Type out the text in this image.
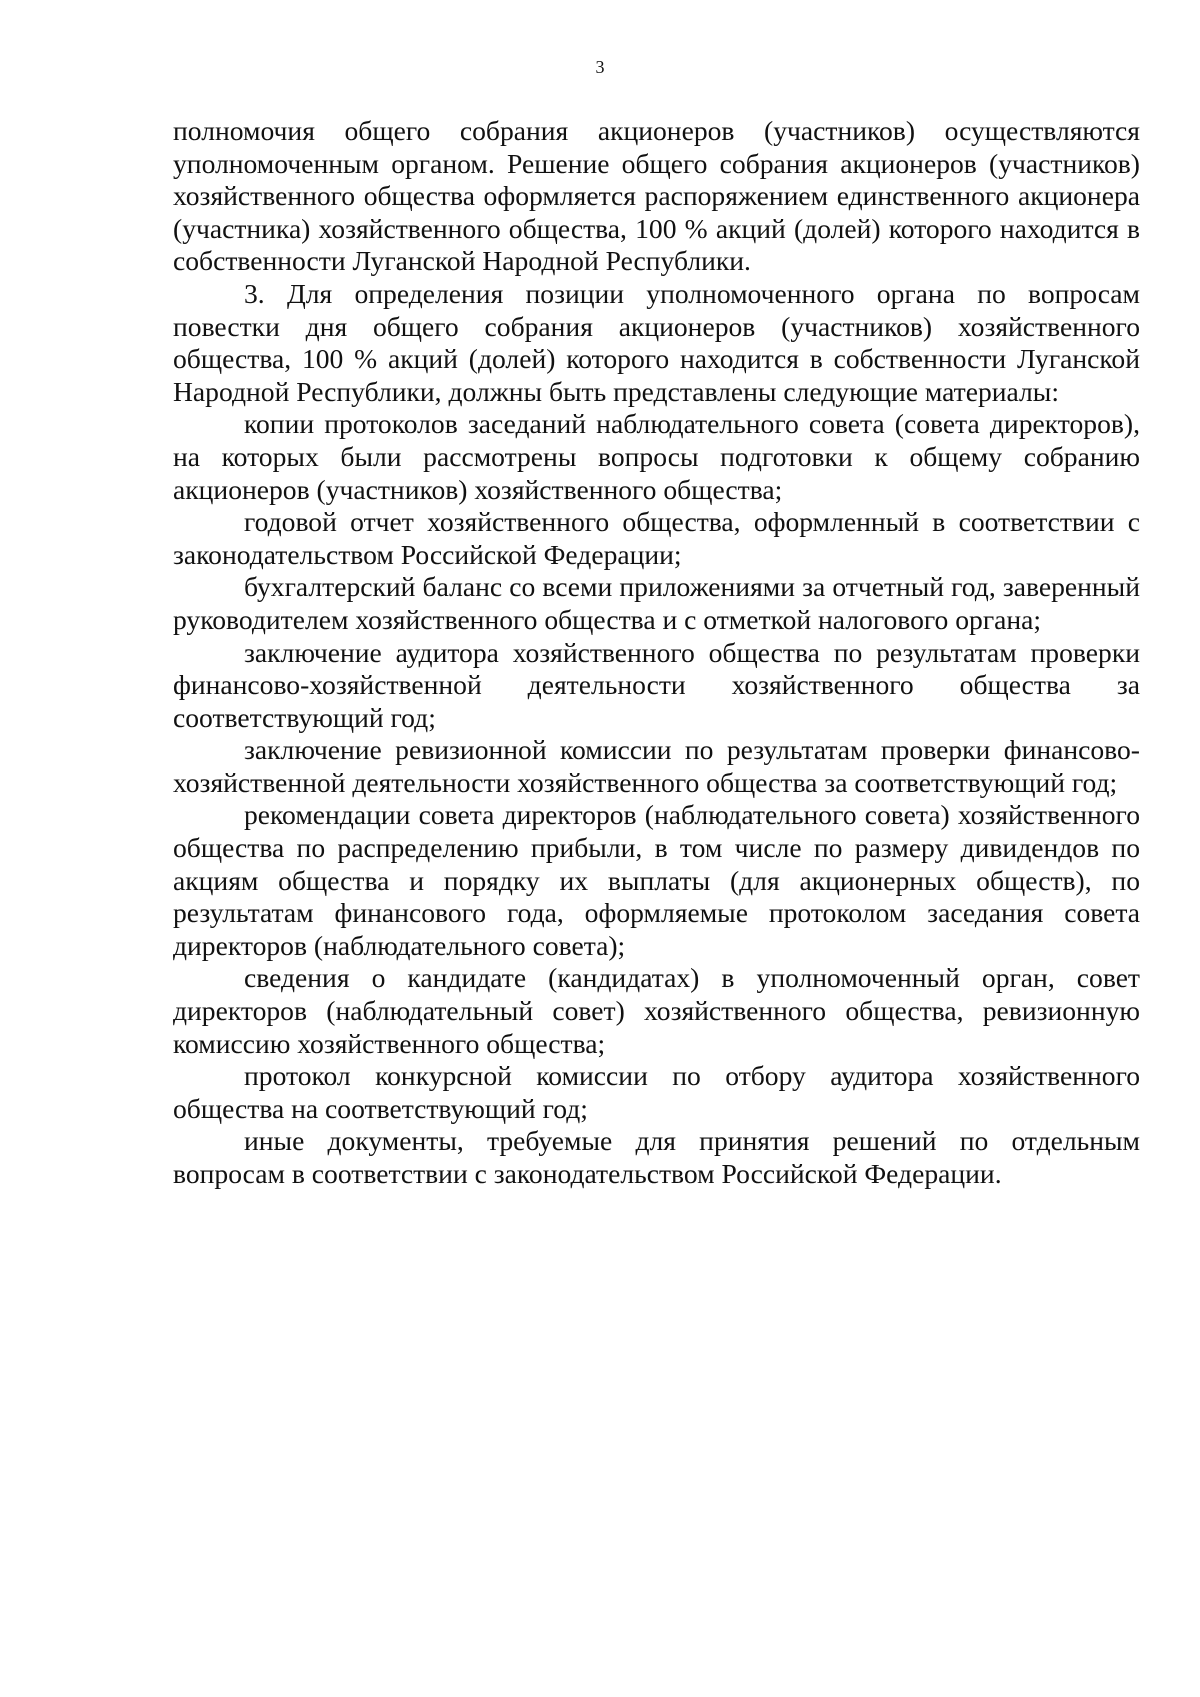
3

полномочия общего собрания акционеров (участников) осуществляются уполномоченным органом. Решение общего собрания акционеров (участников) хозяйственного общества оформляется распоряжением единственного акционера (участника) хозяйственного общества, 100 % акций (долей) которого находится в собственности Луганской Народной Республики.

3. Для определения позиции уполномоченного органа по вопросам повестки дня общего собрания акционеров (участников) хозяйственного общества, 100 % акций (долей) которого находится в собственности Луганской Народной Республики, должны быть представлены следующие материалы:

копии протоколов заседаний наблюдательного совета (совета директоров), на которых были рассмотрены вопросы подготовки к общему собранию акционеров (участников) хозяйственного общества;

годовой отчет хозяйственного общества, оформленный в соответствии с законодательством Российской Федерации;

бухгалтерский баланс со всеми приложениями за отчетный год, заверенный руководителем хозяйственного общества и с отметкой налогового органа;

заключение аудитора хозяйственного общества по результатам проверки финансово-хозяйственной деятельности хозяйственного общества за соответствующий год;

заключение ревизионной комиссии по результатам проверки финансово-хозяйственной деятельности хозяйственного общества за соответствующий год;

рекомендации совета директоров (наблюдательного совета) хозяйственного общества по распределению прибыли, в том числе по размеру дивидендов по акциям общества и порядку их выплаты (для акционерных обществ), по результатам финансового года, оформляемые протоколом заседания совета директоров (наблюдательного совета);

сведения о кандидате (кандидатах) в уполномоченный орган, совет директоров (наблюдательный совет) хозяйственного общества, ревизионную комиссию хозяйственного общества;

протокол конкурсной комиссии по отбору аудитора хозяйственного общества на соответствующий год;

иные документы, требуемые для принятия решений по отдельным вопросам в соответствии с законодательством Российской Федерации.
